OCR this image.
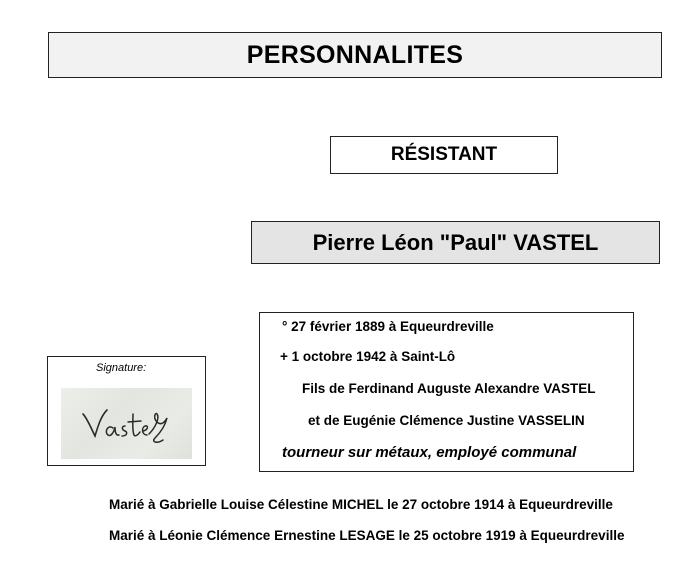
PERSONNALITES
RÉSISTANT
Pierre Léon "Paul" VASTEL
° 27 février 1889 à Equeurdreville
+ 1 octobre 1942 à Saint-Lô
Fils de Ferdinand Auguste Alexandre VASTEL
et de Eugénie Clémence Justine VASSELIN
tourneur sur métaux, employé communal
Signature:
Marié à Gabrielle Louise Célestine MICHEL le 27 octobre 1914 à Equeurdreville
Marié à Léonie Clémence Ernestine LESAGE le 25 octobre 1919 à Equeurdreville
